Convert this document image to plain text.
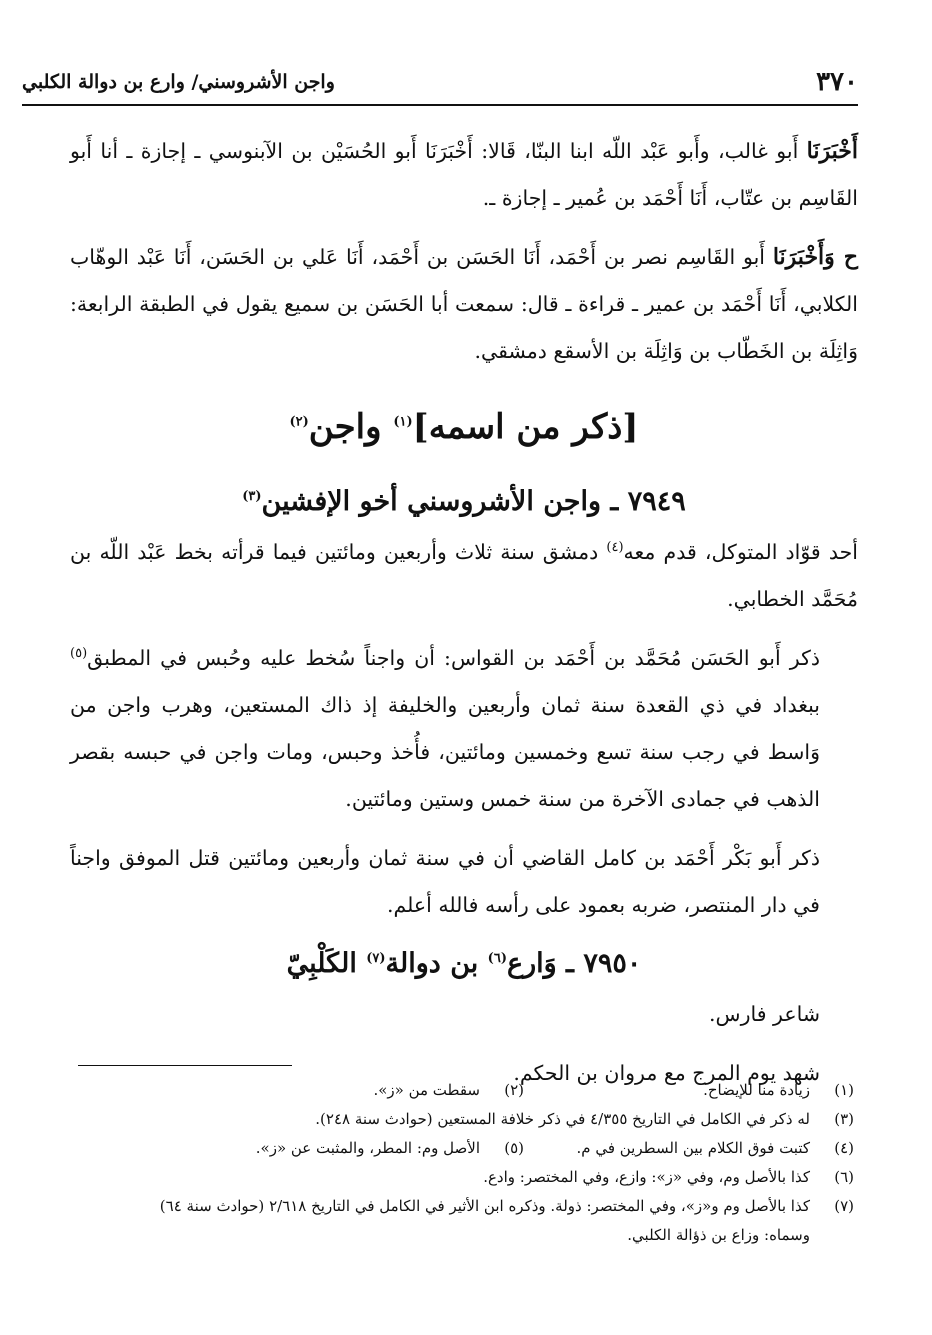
٣٧٠
واجن الأشروسني/ وارع بن دوالة الكلبي

أَخْبَرَنَا أَبو غالب، وأَبو عَبْد اللّه ابنا البنّا، قَالا: أَخْبَرَنَا أَبو الحُسَيْن بن الآبنوسي ـ إجازة ـ أنا أَبو القَاسِم بن عتّاب، أَنَا أَحْمَد بن عُمير ـ إجازة ـ.

ح وَأَخْبَرَنَا أَبو القَاسِم نصر بن أَحْمَد، أَنَا الحَسَن بن أَحْمَد، أَنَا عَلي بن الحَسَن، أَنَا عَبْد الوهّاب الكلابي، أَنَا أَحْمَد بن عمير ـ قراءة ـ قال: سمعت أبا الحَسَن بن سميع يقول في الطبقة الرابعة: وَاثِلَة بن الخَطّاب بن وَاثِلَة بن الأسقع دمشقي.

[ذكر من اسمه]$^{(١)}$ واجن$^{(٢)}$
٧٩٤٩ ـ واجن الأشروسني أخو الإفشين$^{(٣)}$

أحد قوّاد المتوكل، قدم معه$^{(٤)}$ دمشق سنة ثلاث وأربعين ومائتين فيما قرأته بخط عَبْد اللّه بن مُحَمَّد الخطابي.

ذكر أَبو الحَسَن مُحَمَّد بن أَحْمَد بن القواس: أن واجناً سُخط عليه وحُبس في المطبق$^{(٥)}$ ببغداد في ذي القعدة سنة ثمان وأربعين والخليفة إذ ذاك المستعين، وهرب واجن من وَاسط في رجب سنة تسع وخمسين ومائتين، فأُخذ وحبس، ومات واجن في حبسه بقصر الذهب في جمادى الآخرة من سنة خمس وستين ومائتين.

ذكر أَبو بَكْر أَحْمَد بن كامل القاضي أن في سنة ثمان وأربعين ومائتين قتل الموفق واجناً في دار المنتصر، ضربه بعمود على رأسه فالله أعلم.

٧٩٥٠ ـ وَارع$^{(٦)}$ بن دوالة$^{(٧)}$ الكَلْبِيّ

شاعر فارس.

شهد يوم المرج مع مروان بن الحكم.

(١)
زيادة منا للإيضاح.
(٢)
سقطت من «ز».
(٣)
له ذكر في الكامل في التاريخ ٤/٣٥٥ في ذكر خلافة المستعين (حوادث سنة ٢٤٨).
(٤)
كتبت فوق الكلام بين السطرين في م.
(٥)
الأصل وم: المطر، والمثبت عن «ز».
(٦)
كذا بالأصل وم، وفي «ز»: وازع، وفي المختصر: وادع.
(٧)
كذا بالأصل وم و«ز»، وفي المختصر: ذولة. وذكره ابن الأثير في الكامل في التاريخ ٢/٦١٨ (حوادث سنة ٦٤)
وسماه: وزاع بن ذؤالة الكلبي.
